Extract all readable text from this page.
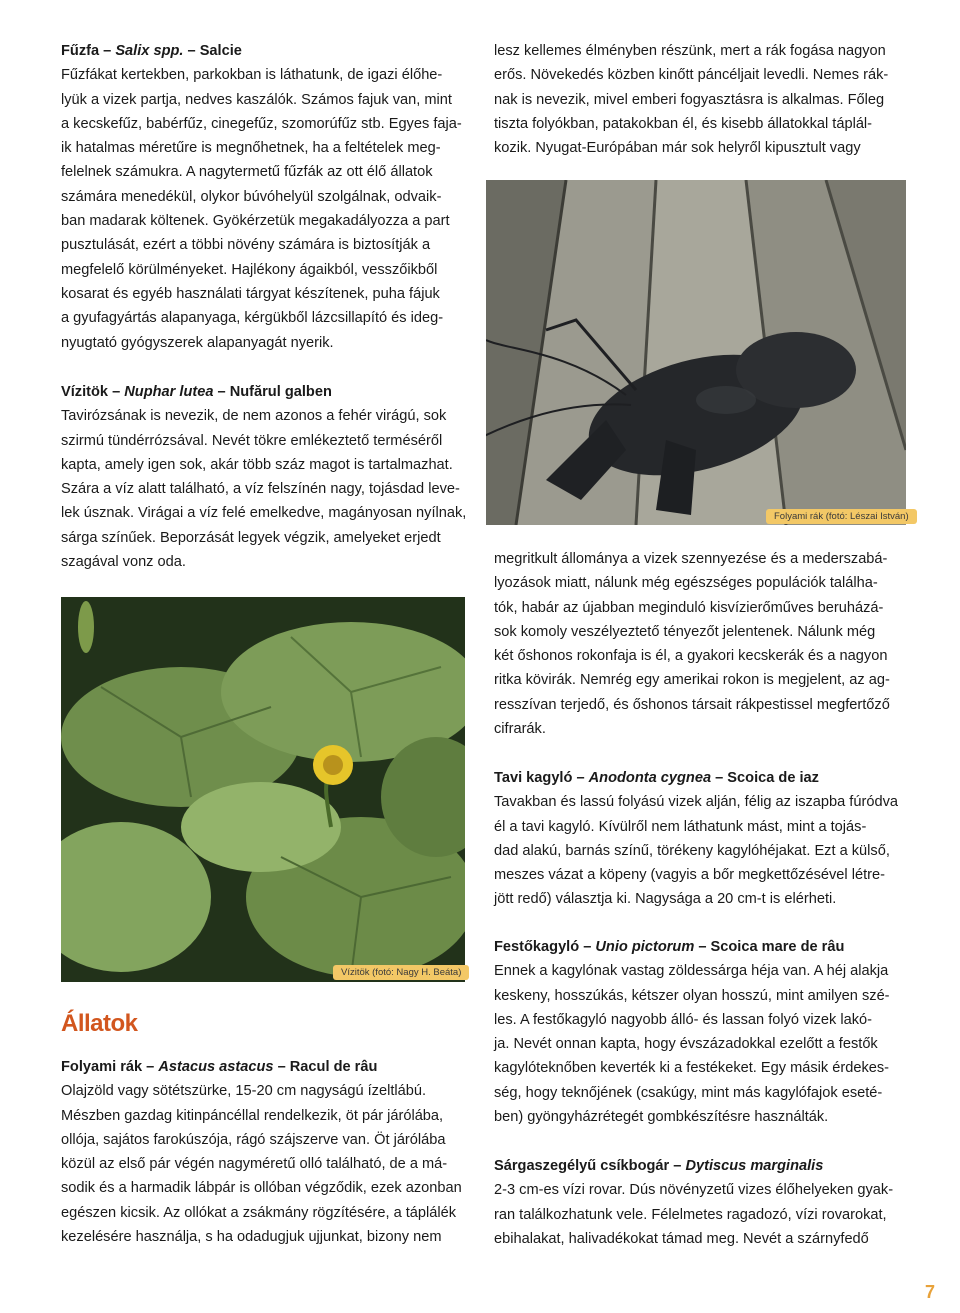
Fűzfa – Salix spp. – Salcie

Fűzfákat kertekben, parkokban is láthatunk, de igazi élőhe-
lyük a vizek partja, nedves kaszálók. Számos fajuk van, mint
a kecskefűz, babérfűz, cinegefűz, szomorúfűz stb. Egyes faja-
ik hatalmas méretűre is megnőhetnek, ha a feltételek meg-
felelnek számukra. A nagytermetű fűzfák az ott élő állatok
számára menedékül, olykor búvóhelyül szolgálnak, odvaik-
ban madarak költenek. Gyökérzetük megakadályozza a part
pusztulását, ezért a többi növény számára is biztosítják a
megfelelő körülményeket. Hajlékony ágaikból, vesszőikből
kosarat és egyéb használati tárgyat készítenek, puha fájuk
a gyufagyártás alapanyaga, kérgükből lázcsillapító és ideg-
nyugtató gyógyszerek alapanyagát nyerik.

Vízitök – Nuphar lutea – Nufărul galben

Tavirózsának is nevezik, de nem azonos a fehér virágú, sok
szirmú tündérrózsával. Nevét tökre emlékeztető terméséről
kapta, amely igen sok, akár több száz magot is tartalmazhat.
Szára a víz alatt található, a víz felszínén nagy, tojásdad leve-
lek úsznak. Virágai a víz felé emelkedve, magányosan nyílnak,
sárga színűek. Beporzását legyek végzik, amelyeket erjedt
szagával vonz oda.
Vízitök (fotó: Nagy H. Beáta)
Állatok

Folyami rák – Astacus astacus – Racul de râu

Olajzöld vagy sötétszürke, 15-20 cm nagyságú ízeltlábú.
Mészben gazdag kitinpáncéllal rendelkezik, öt pár járólába,
ollója, sajátos farokúszója, rágó szájszerve van. Öt járólába
közül az első pár végén nagyméretű olló található, de a má-
sodik és a harmadik lábpár is ollóban végződik, ezek azonban
egészen kicsik. Az ollókat a zsákmány rögzítésére, a táplálék
kezelésére használja, s ha odadugjuk ujjunkat, bizony nem
lesz kellemes élményben részünk, mert a rák fogása nagyon
erős. Növekedés közben kinőtt páncéljait levedli. Nemes rák-
nak is nevezik, mivel emberi fogyasztásra is alkalmas. Főleg
tiszta folyókban, patakokban él, és kisebb állatokkal táplál-
kozik. Nyugat-Európában már sok helyről kipusztult vagy
Folyami rák (fotó: Lészai István)
megritkult állománya a vizek szennyezése és a mederszabá-
lyozások miatt, nálunk még egészséges populációk találha-
tók, habár az újabban meginduló kisvízierőműves beruházá-
sok komoly veszélyeztető tényezőt jelentenek. Nálunk még
két őshonos rokonfaja is él, a gyakori kecskerák és a nagyon
ritka kövirák. Nemrég egy amerikai rokon is megjelent, az ag-
resszívan terjedő, és őshonos társait rákpestissel megfertőző
cifrarák.

Tavi kagyló – Anodonta cygnea – Scoica de iaz

Tavakban és lassú folyású vizek alján, félig az iszapba fúródva
él a tavi kagyló. Kívülről nem láthatunk mást, mint a tojás-
dad alakú, barnás színű, törékeny kagylóhéjakat. Ezt a külső,
meszes vázat a köpeny (vagyis a bőr megkettőzésével létre-
jött redő) választja ki. Nagysága a 20 cm-t is elérheti.

Festőkagyló – Unio pictorum – Scoica mare de râu

Ennek a kagylónak vastag zöldessárga héja van. A héj alakja
keskeny, hosszúkás, kétszer olyan hosszú, mint amilyen szé-
les. A festőkagyló nagyobb álló- és lassan folyó vizek lakó-
ja. Nevét onnan kapta, hogy évszázadokkal ezelőtt a festők
kagylóteknőben keverték ki a festékeket. Egy másik érdekes-
ség, hogy teknőjének (csakúgy, mint más kagylófajok eseté-
ben) gyöngyházrétegét gombkészítésre használták.

Sárgaszegélyű csíkbogár – Dytiscus marginalis

2-3 cm-es vízi rovar. Dús növényzetű vizes élőhelyeken gyak-
ran találkozhatunk vele. Félelmetes ragadozó, vízi rovarokat,
ebihalakat, halivadékokat támad meg. Nevét a szárnyfedő
7
